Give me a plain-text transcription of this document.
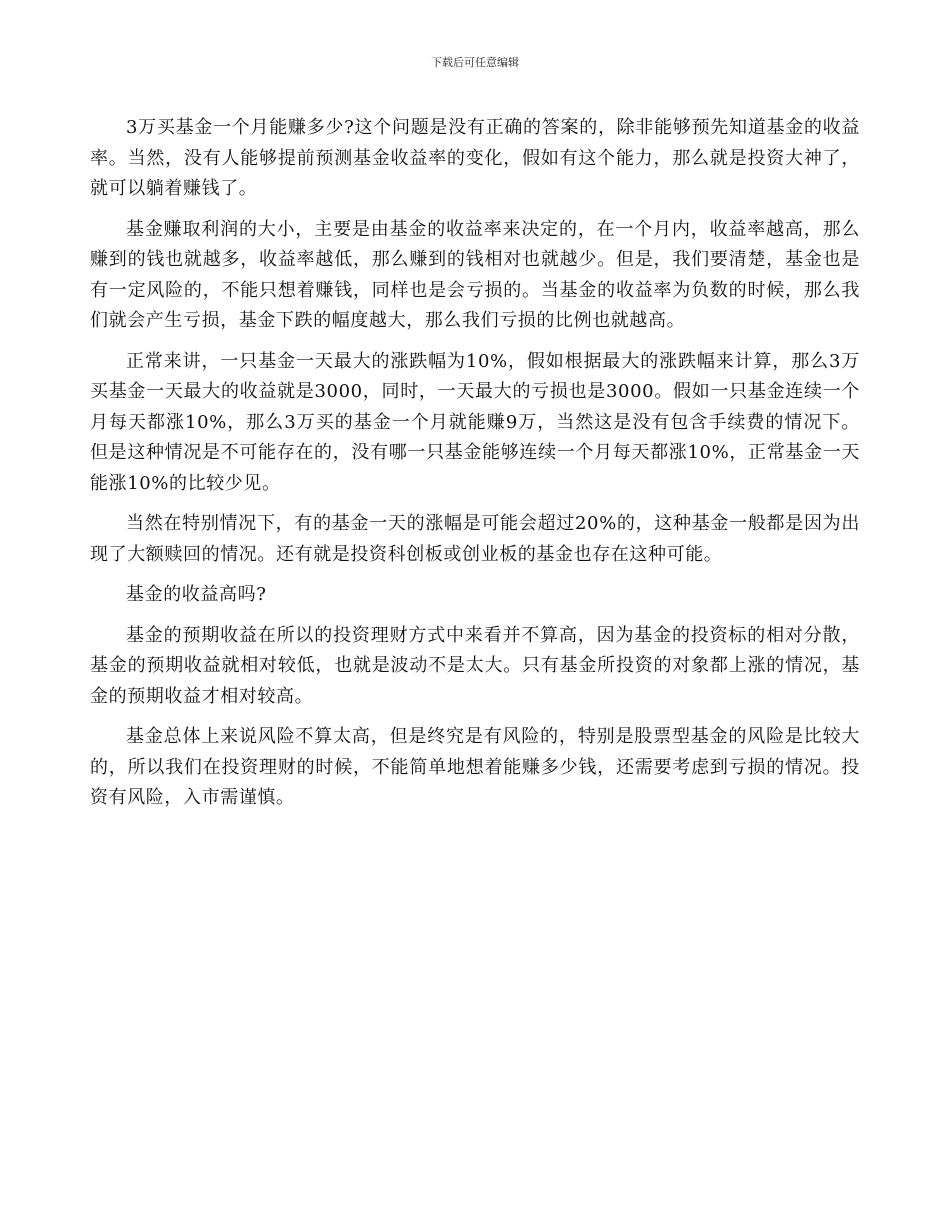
下载后可任意编辑

3万买基金一个月能赚多少?这个问题是没有正确的答案的，除非能够预先知道基金的收益率。当然，没有人能够提前预测基金收益率的变化，假如有这个能力，那么就是投资大神了，就可以躺着赚钱了。

基金赚取利润的大小，主要是由基金的收益率来决定的，在一个月内，收益率越高，那么赚到的钱也就越多，收益率越低，那么赚到的钱相对也就越少。但是，我们要清楚，基金也是有一定风险的，不能只想着赚钱，同样也是会亏损的。当基金的收益率为负数的时候，那么我们就会产生亏损，基金下跌的幅度越大，那么我们亏损的比例也就越高。

正常来讲，一只基金一天最大的涨跌幅为10%，假如根据最大的涨跌幅来计算，那么3万买基金一天最大的收益就是3000，同时，一天最大的亏损也是3000。假如一只基金连续一个月每天都涨10%，那么3万买的基金一个月就能赚9万，当然这是没有包含手续费的情况下。但是这种情况是不可能存在的，没有哪一只基金能够连续一个月每天都涨10%，正常基金一天能涨10%的比较少见。

当然在特别情况下，有的基金一天的涨幅是可能会超过20%的，这种基金一般都是因为出现了大额赎回的情况。还有就是投资科创板或创业板的基金也存在这种可能。

基金的收益高吗?

基金的预期收益在所以的投资理财方式中来看并不算高，因为基金的投资标的相对分散，基金的预期收益就相对较低，也就是波动不是太大。只有基金所投资的对象都上涨的情况，基金的预期收益才相对较高。

基金总体上来说风险不算太高，但是终究是有风险的，特别是股票型基金的风险是比较大的，所以我们在投资理财的时候，不能简单地想着能赚多少钱，还需要考虑到亏损的情况。投资有风险，入市需谨慎。
